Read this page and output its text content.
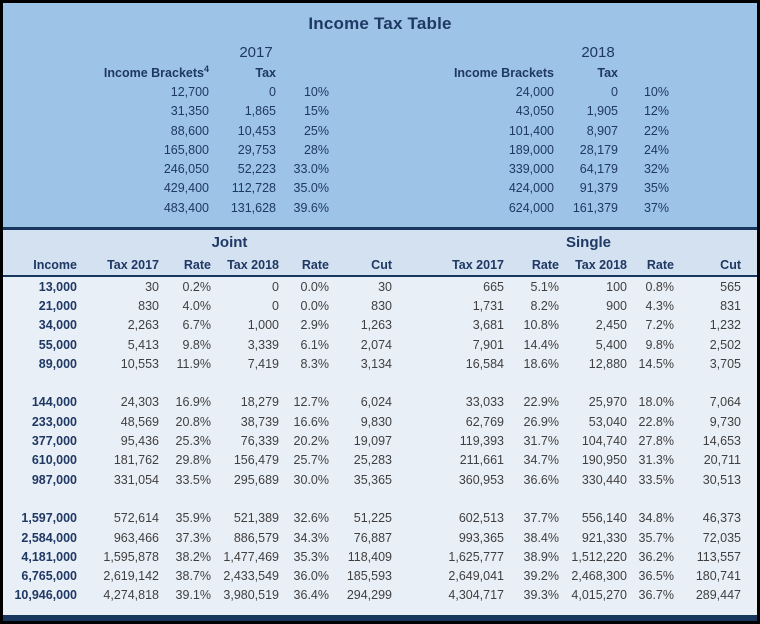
Income Tax Table
2017	2018
Income Brackets$^4$	Tax		Income Brackets	Tax		
12,700	0	10%	24,000	0	10%	
31,350	1,865	15%	43,050	1,905	12%	
88,600	10,453	25%	101,400	8,907	22%	
165,800	29,753	28%	189,000	28,179	24%	
246,050	52,223	33.0%	339,000	64,179	32%	
429,400	112,728	35.0%	424,000	91,379	35%	
483,400	131,628	39.6%	624,000	161,379	37%	
Joint	Single
Income	Tax 2017	Rate	Tax 2018	Rate	Cut	Tax 2017	Rate	Tax 2018	Rate	Cut	
13,000	30	0.2%	0	0.0%	30	665	5.1%	100	0.8%	565	
21,000	830	4.0%	0	0.0%	830	1,731	8.2%	900	4.3%	831	
34,000	2,263	6.7%	1,000	2.9%	1,263	3,681	10.8%	2,450	7.2%	1,232	
55,000	5,413	9.8%	3,339	6.1%	2,074	7,901	14.4%	5,400	9.8%	2,502	
89,000	10,553	11.9%	7,419	8.3%	3,134	16,584	18.6%	12,880	14.5%	3,705	

144,000	24,303	16.9%	18,279	12.7%	6,024	33,033	22.9%	25,970	18.0%	7,064	
233,000	48,569	20.8%	38,739	16.6%	9,830	62,769	26.9%	53,040	22.8%	9,730	
377,000	95,436	25.3%	76,339	20.2%	19,097	119,393	31.7%	104,740	27.8%	14,653	
610,000	181,762	29.8%	156,479	25.7%	25,283	211,661	34.7%	190,950	31.3%	20,711	
987,000	331,054	33.5%	295,689	30.0%	35,365	360,953	36.6%	330,440	33.5%	30,513	

1,597,000	572,614	35.9%	521,389	32.6%	51,225	602,513	37.7%	556,140	34.8%	46,373	
2,584,000	963,466	37.3%	886,579	34.3%	76,887	993,365	38.4%	921,330	35.7%	72,035	
4,181,000	1,595,878	38.2%	1,477,469	35.3%	118,409	1,625,777	38.9%	1,512,220	36.2%	113,557	
6,765,000	2,619,142	38.7%	2,433,549	36.0%	185,593	2,649,041	39.2%	2,468,300	36.5%	180,741	
10,946,000	4,274,818	39.1%	3,980,519	36.4%	294,299	4,304,717	39.3%	4,015,270	36.7%	289,447	
